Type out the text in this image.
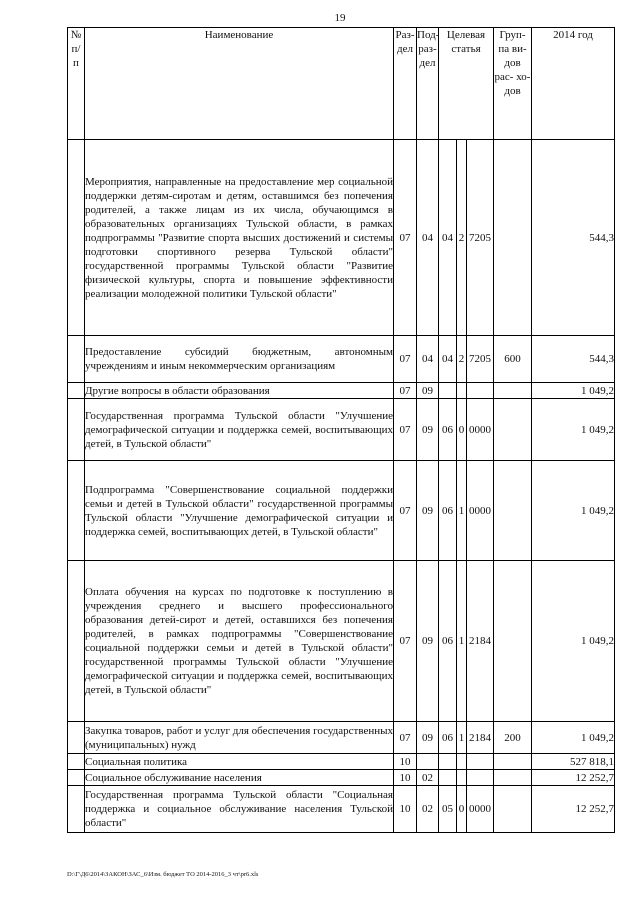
19
№ п/ п	Наименование	Раз- дел	Под- раз- дел	Целевая статья			Груп- па ви- дов рас- хо- дов	2014 год
	Мероприятия, направленные на предоставление мер социальной поддержки детям-сиротам и детям, оставшимся без попечения родителей, а также лицам из их числа, обучающимся в образовательных организациях Тульской области, в рамках подпрограммы "Развитие спорта высших достижений и системы подготовки спортивного резерва Тульской области" государственной программы Тульской области "Развитие физической культуры, спорта и повышение эффективности реализации молодежной политики Тульской области"	07	04	04	2	7205		544,3
	Предоставление субсидий бюджетным, автономным учреждениям и иным некоммерческим организациям	07	04	04	2	7205	600	544,3
	Другие вопросы в области образования	07	09					1 049,2
	Государственная программа Тульской области "Улучшение демографической ситуации и поддержка семей, воспитывающих детей, в Тульской области"	07	09	06	0	0000		1 049,2
	Подпрограмма "Совершенствование социальной поддержки семьи и детей в Тульской области" государственной программы Тульской области "Улучшение демографической ситуации и поддержка семей, воспитывающих детей, в Тульской области"	07	09	06	1	0000		1 049,2
	Оплата обучения на курсах по подготовке к поступлению в учреждения среднего и высшего профессионального образования детей-сирот и детей, оставшихся без попечения родителей, в рамках подпрограммы "Совершенствование социальной поддержки семьи и детей в Тульской области" государственной программы Тульской области "Улучшение демографической ситуации и поддержка семей, воспитывающих детей, в Тульской области"	07	09	06	1	2184		1 049,2
	Закупка товаров, работ и услуг для обеспечения государственных (муниципальных) нужд	07	09	06	1	2184	200	1 049,2
	Социальная политика	10						527 818,1
	Социальное обслуживание населения	10	02					12 252,7
	Государственная программа Тульской области "Социальная поддержка и социальное обслуживание населения Тульской области"	10	02	05	0	0000		12 252,7
D:\Г\Д6\2014\ЗАКОН\ЗАС_6\Изм. бюджет ТО 2014-2016_3 чт\pr6.xls
